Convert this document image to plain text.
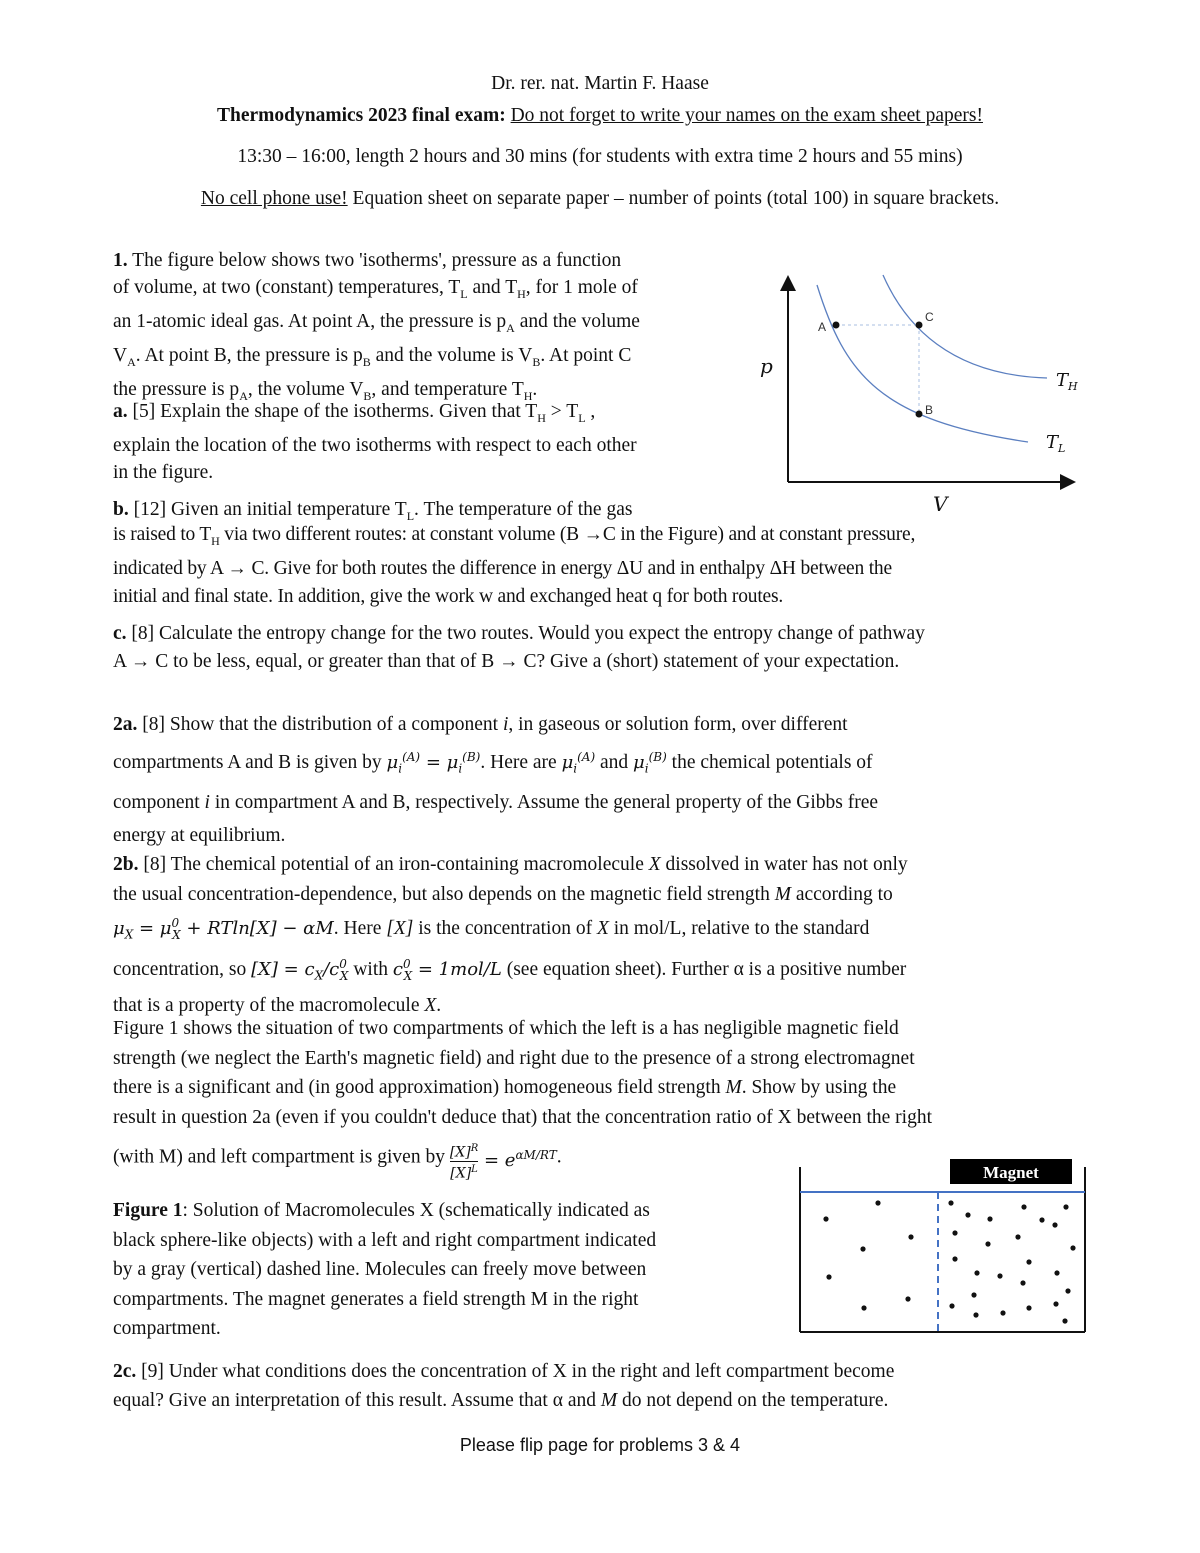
Dr. rer. nat. Martin F. Haase
Thermodynamics 2023 final exam: Do not forget to write your names on the exam sheet papers!
13:30 – 16:00, length 2 hours and 30 mins (for students with extra time 2 hours and 55 mins)
No cell phone use! Equation sheet on separate paper – number of points (total 100) in square brackets.
1. The figure below shows two 'isotherms', pressure as a function
of volume, at two (constant) temperatures, $T_L$ and $T_H$, for 1 mole of
an 1-atomic ideal gas. At point A, the pressure is $p_A$ and the volume
$V_A$. At point B, the pressure is $p_B$ and the volume is $V_B$. At point C
the pressure is $p_A$, the volume $V_B$, and temperature $T_H$.
a. [5] Explain the shape of the isotherms. Given that $T_H > T_L$ ,
explain the location of the two isotherms with respect to each other
in the figure.
b. [12] Given an initial temperature $T_L$. The temperature of the gas
is raised to $T_H$ via two different routes: at constant volume (B →C in the Figure) and at constant pressure,
indicated by A → C. Give for both routes the difference in energy ΔU and in enthalpy ΔH between the
initial and final state. In addition, give the work w and exchanged heat q for both routes.
c. [8] Calculate the entropy change for the two routes. Would you expect the entropy change of pathway
A → C to be less, equal, or greater than that of B → C? Give a (short) statement of your expectation.
A
C
B
p
V
$T_H$
$T_L$
2a. [8] Show that the distribution of a component i, in gaseous or solution form, over different
compartments A and B is given by $\mu_i^{(A)} = \mu_i^{(B)}$. Here are $\mu_i^{(A)}$ and $\mu_i^{(B)}$ the chemical potentials of
component i in compartment A and B, respectively. Assume the general property of the Gibbs free
energy at equilibrium.
2b. [8] The chemical potential of an iron-containing macromolecule X dissolved in water has not only
the usual concentration-dependence, but also depends on the magnetic field strength M according to
$\mu_X = \mu^0_X + RTln[X] - \alpha M$. Here [X] is the concentration of X in mol/L, relative to the standard
concentration, so $[X] = c_X/c^0_X$ with $c^0_X = 1mol/L$ (see equation sheet). Further α is a positive number
that is a property of the macromolecule X.
Figure 1 shows the situation of two compartments of which the left is a has negligible magnetic field
strength (we neglect the Earth's magnetic field) and right due to the presence of a strong electromagnet
there is a significant and (in good approximation) homogeneous field strength M. Show by using the
result in question 2a (even if you couldn't deduce that) that the concentration ratio of X between the right
(with M) and left compartment is given by $\frac{[X]^R}{[X]^L} = e^{\alpha M/RT}$.
Figure 1: Solution of Macromolecules X (schematically indicated as
black sphere-like objects) with a left and right compartment indicated
by a gray (vertical) dashed line. Molecules can freely move between
compartments. The magnet generates a field strength M in the right
compartment.
Magnet
2c. [9] Under what conditions does the concentration of X in the right and left compartment become
equal? Give an interpretation of this result. Assume that α and M do not depend on the temperature.
Please flip page for problems 3 & 4
